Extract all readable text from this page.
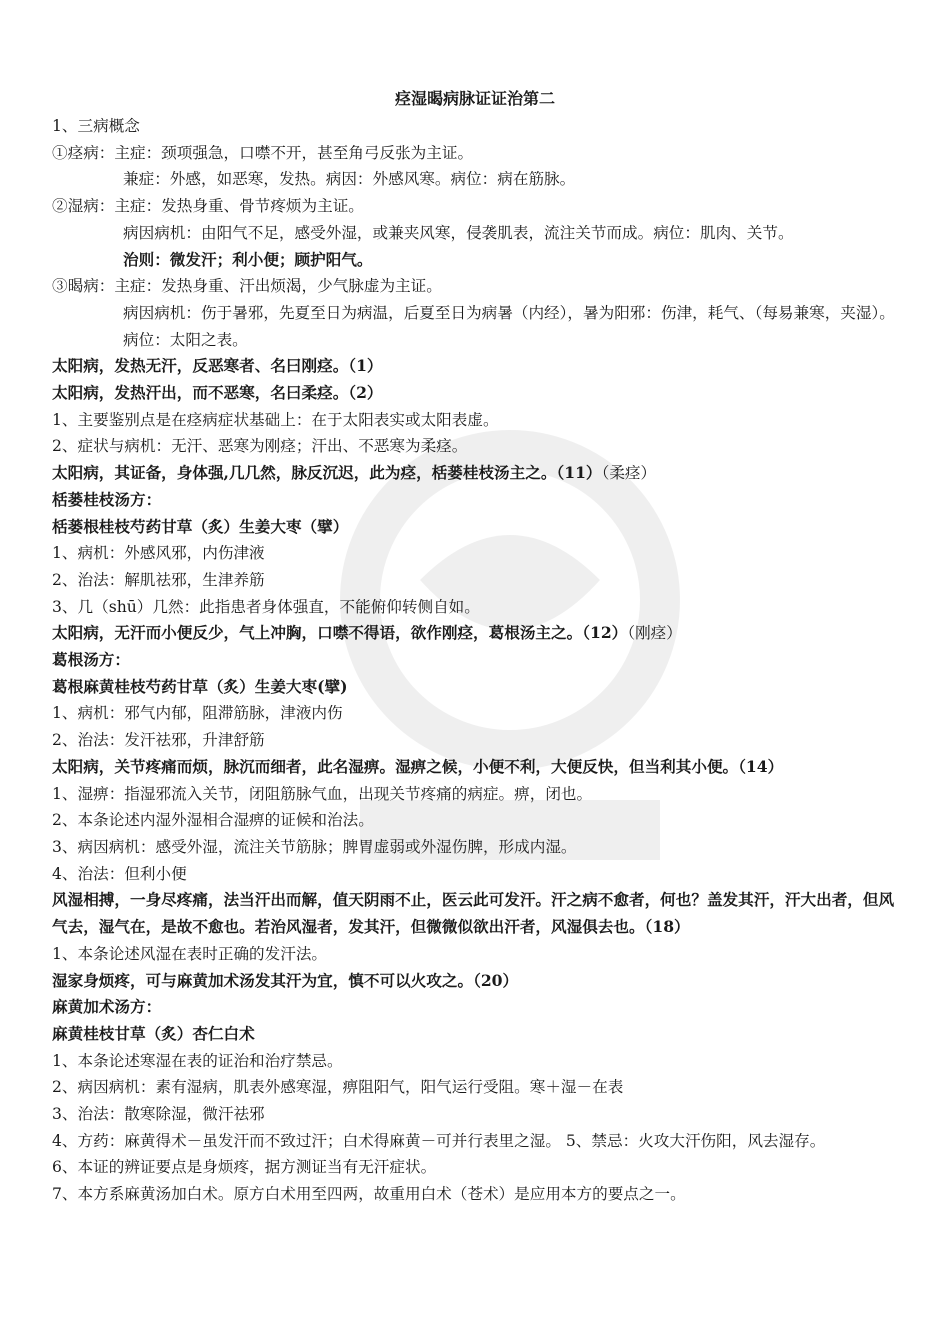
痉湿暍病脉证证治第二
1、三病概念
①痉病：主症：颈项强急，口噤不开，甚至角弓反张为主证。
兼症：外感，如恶寒，发热。病因：外感风寒。病位：病在筋脉。
②湿病：主症：发热身重、骨节疼烦为主证。
病因病机：由阳气不足，感受外湿，或兼夹风寒，侵袭肌表，流注关节而成。病位：肌肉、关节。
治则：微发汗；利小便；顾护阳气。
③暍病：主症：发热身重、汗出烦渴，少气脉虚为主证。
病因病机：伤于暑邪，先夏至日为病温，后夏至日为病暑（内经），暑为阳邪：伤津，耗气、（每易兼寒，夹湿）。病位：太阳之表。
太阳病，发热无汗，反恶寒者、名曰刚痉。（1）
太阳病，发热汗出，而不恶寒，名曰柔痉。（2）
1、主要鉴别点是在痉病症状基础上：在于太阳表实或太阳表虚。
2、症状与病机：无汗、恶寒为刚痉；汗出、不恶寒为柔痉。
太阳病，其证备，身体强,几几然，脉反沉迟，此为痉，栝蒌桂枝汤主之。（11）（柔痉）
栝蒌桂枝汤方：
栝蒌根桂枝芍药甘草（炙）生姜大枣（擘）
1、病机：外感风邪，内伤津液
2、治法：解肌祛邪，生津养筋
3、几（shū）几然：此指患者身体强直，不能俯仰转侧自如。
太阳病，无汗而小便反少，气上冲胸，口噤不得语，欲作刚痉，葛根汤主之。（12）（刚痉）
葛根汤方：
葛根麻黄桂枝芍药甘草（炙）生姜大枣(擘)
1、病机：邪气内郁，阻滞筋脉，津液内伤
2、治法：发汗祛邪，升津舒筋
太阳病，关节疼痛而烦，脉沉而细者，此名湿痹。湿痹之候，小便不利，大便反快，但当利其小便。（14）
1、湿痹：指湿邪流入关节，闭阻筋脉气血，出现关节疼痛的病症。痹，闭也。
2、本条论述内湿外湿相合湿痹的证候和治法。
3、病因病机：感受外湿，流注关节筋脉；脾胃虚弱或外湿伤脾，形成内湿。
4、治法：但利小便
风湿相搏，一身尽疼痛，法当汗出而解，值天阴雨不止，医云此可发汗。汗之病不愈者，何也？盖发其汗，汗大出者，但风气去，湿气在，是故不愈也。若治风湿者，发其汗，但微微似欲出汗者，风湿俱去也。（18）
1、本条论述风湿在表时正确的发汗法。
湿家身烦疼，可与麻黄加术汤发其汗为宜，慎不可以火攻之。（20）
麻黄加术汤方：
麻黄桂枝甘草（炙）杏仁白术
1、本条论述寒湿在表的证治和治疗禁忌。
2、病因病机：素有湿病，肌表外感寒湿，痹阻阳气，阳气运行受阻。寒＋湿－在表
3、治法：散寒除湿，微汗祛邪
4、方药：麻黄得术－虽发汗而不致过汗；白术得麻黄－可并行表里之湿。 5、禁忌：火攻大汗伤阳，风去湿存。
6、本证的辨证要点是身烦疼，据方测证当有无汗症状。
7、本方系麻黄汤加白术。原方白术用至四两，故重用白术（苍术）是应用本方的要点之一。
